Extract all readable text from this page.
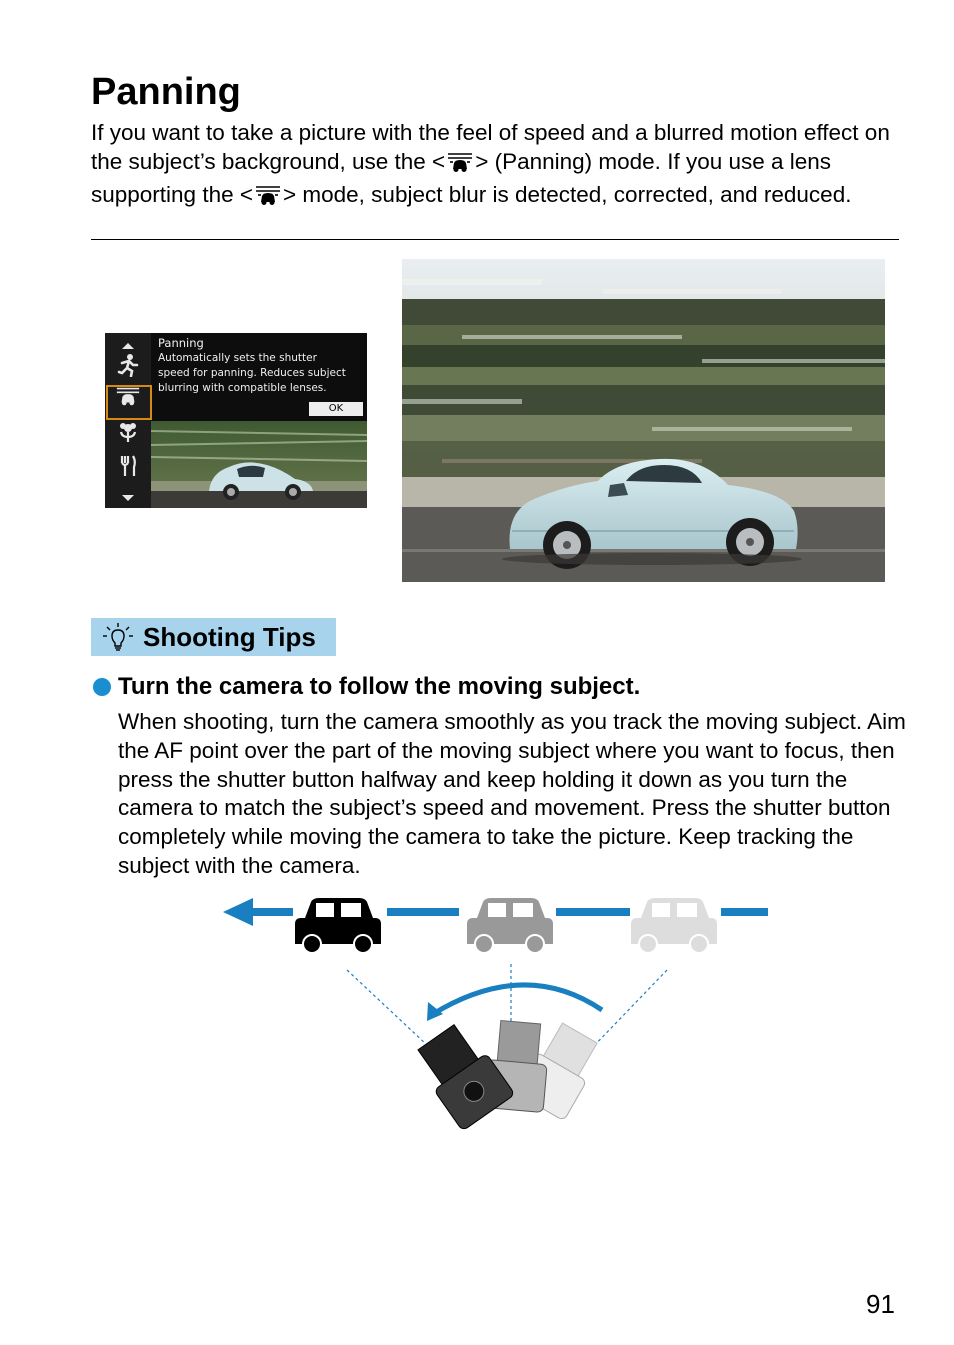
Panning

If you want to take a picture with the feel of speed and a blurred motion effect on the subject’s background, use the < > (Panning) mode. If you use a lens supporting the < > mode, subject blur is detected, corrected, and reduced.

Panning
Automatically sets the shutter
speed for panning. Reduces subject
blurring with compatible lenses.
OK
Shooting Tips
Turn the camera to follow the moving subject.

When shooting, turn the camera smoothly as you track the moving subject. Aim the AF point over the part of the moving subject where you want to focus, then press the shutter button halfway and keep holding it down as you turn the camera to match the subject’s speed and movement. Press the shutter button completely while moving the camera to take the picture. Keep tracking the subject with the camera.

91
